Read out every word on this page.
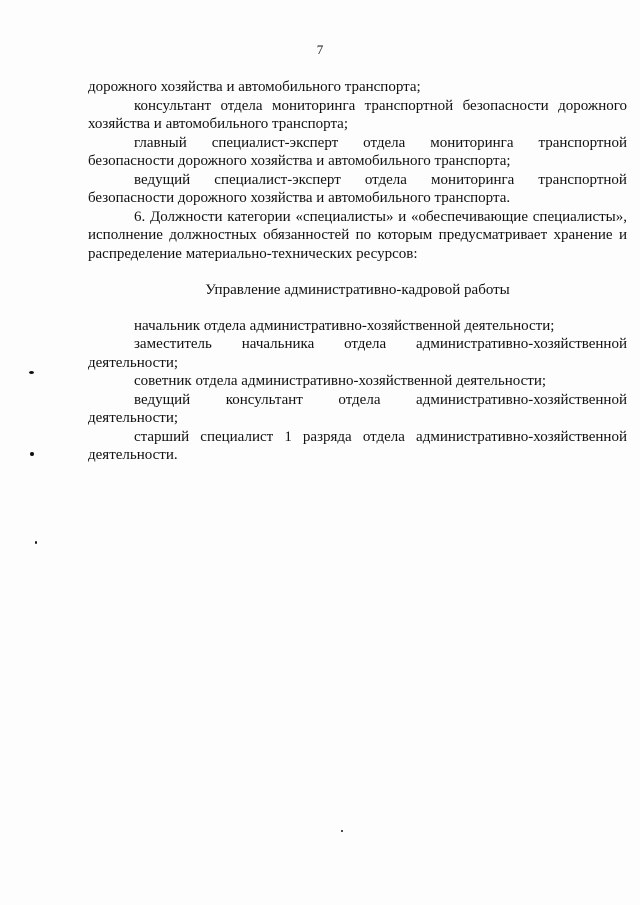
7

дорожного хозяйства и автомобильного транспорта;

консультант отдела мониторинга транспортной безопасности дорожного хозяйства и автомобильного транспорта;

главный специалист-эксперт отдела мониторинга транспортной

безопасности дорожного хозяйства и автомобильного транспорта;

ведущий специалист-эксперт отдела мониторинга транспортной

безопасности дорожного хозяйства и автомобильного транспорта.

6. Должности категории «специалисты» и «обеспечивающие специалисты», исполнение должностных обязанностей по которым предусматривает хранение и распределение материально-технических ресурсов:

Управление административно-кадровой работы

начальник отдела административно-хозяйственной деятельности;

заместитель начальника отдела административно-хозяйственной

деятельности;

советник отдела административно-хозяйственной деятельности;

ведущий консультант отдела административно-хозяйственной

деятельности;

старший специалист 1 разряда отдела административно-хозяйственной деятельности.
